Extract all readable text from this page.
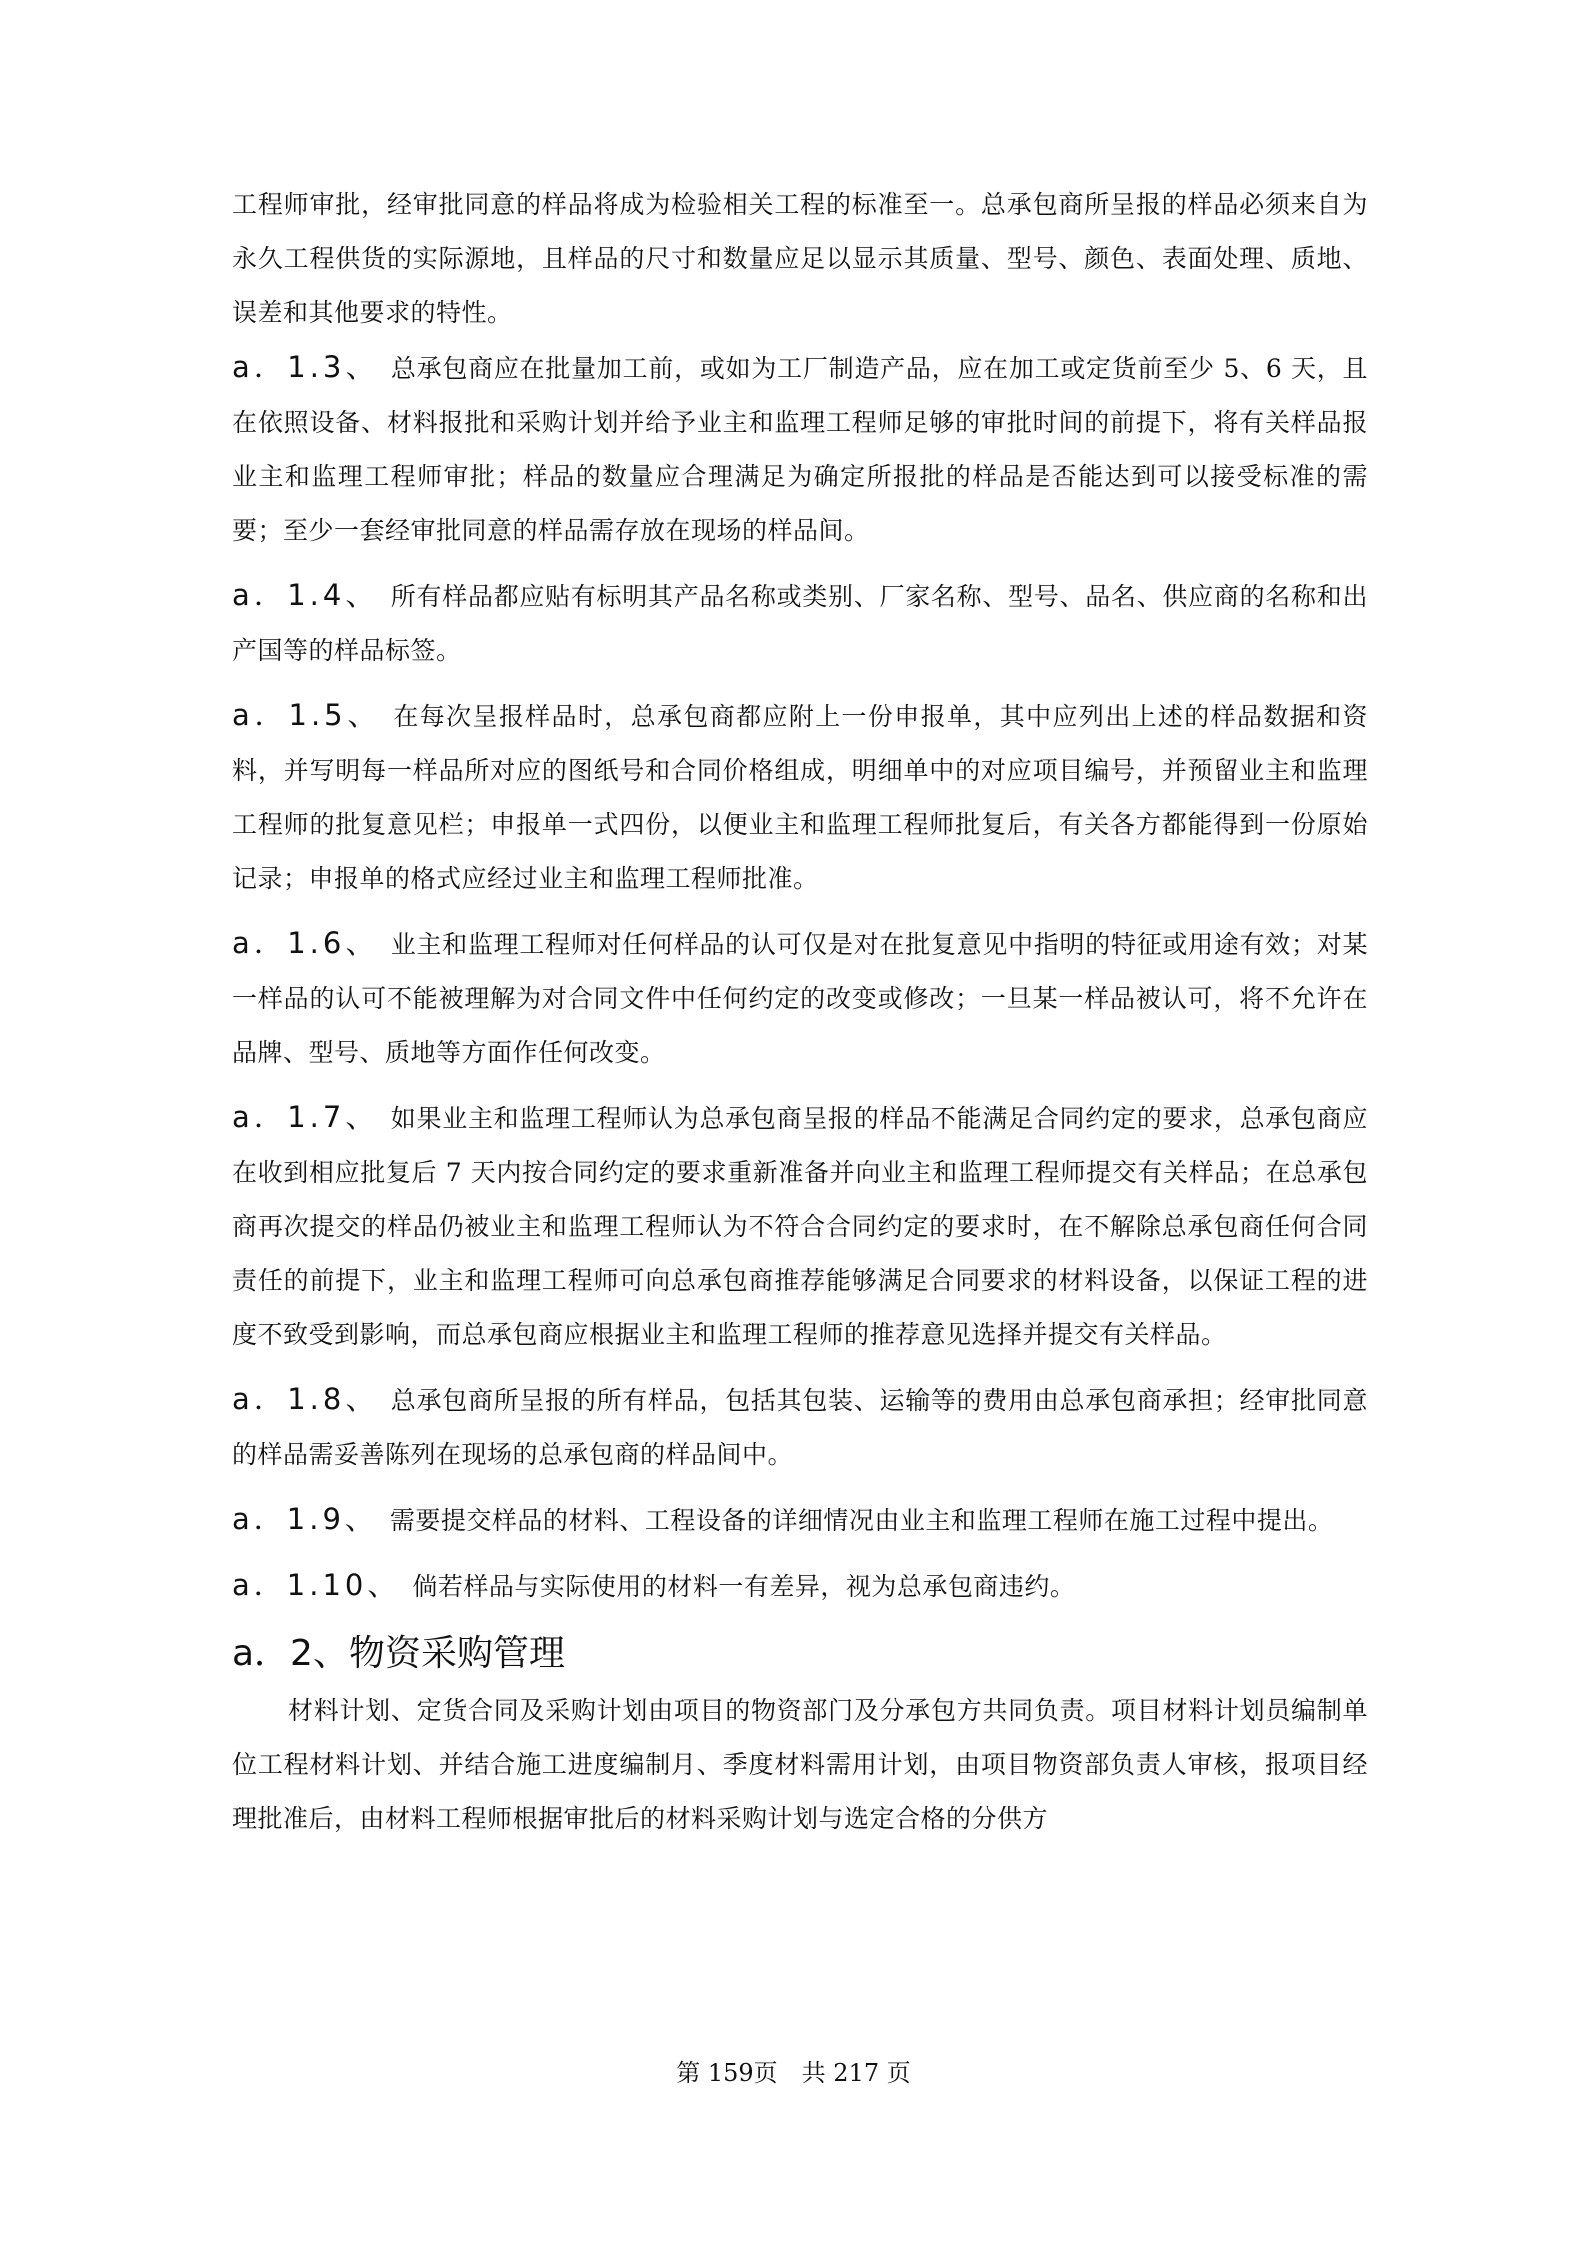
工程师审批，经审批同意的样品将成为检验相关工程的标准至一。总承包商所呈报的样品必须来自为永久工程供货的实际源地，且样品的尺寸和数量应足以显示其质量、型号、颜色、表面处理、质地、误差和其他要求的特性。

a．1.3、 总承包商应在批量加工前，或如为工厂制造产品，应在加工或定货前至少 5、6 天，且在依照设备、材料报批和采购计划并给予业主和监理工程师足够的审批时间的前提下，将有关样品报业主和监理工程师审批；样品的数量应合理满足为确定所报批的样品是否能达到可以接受标准的需要；至少一套经审批同意的样品需存放在现场的样品间。

a．1.4、 所有样品都应贴有标明其产品名称或类别、厂家名称、型号、品名、供应商的名称和出产国等的样品标签。

a．1.5、 在每次呈报样品时，总承包商都应附上一份申报单，其中应列出上述的样品数据和资料，并写明每一样品所对应的图纸号和合同价格组成，明细单中的对应项目编号，并预留业主和监理工程师的批复意见栏；申报单一式四份，以便业主和监理工程师批复后，有关各方都能得到一份原始记录；申报单的格式应经过业主和监理工程师批准。

a．1.6、 业主和监理工程师对任何样品的认可仅是对在批复意见中指明的特征或用途有效；对某一样品的认可不能被理解为对合同文件中任何约定的改变或修改；一旦某一样品被认可，将不允许在品牌、型号、质地等方面作任何改变。

a．1.7、 如果业主和监理工程师认为总承包商呈报的样品不能满足合同约定的要求，总承包商应在收到相应批复后 7 天内按合同约定的要求重新准备并向业主和监理工程师提交有关样品；在总承包商再次提交的样品仍被业主和监理工程师认为不符合合同约定的要求时，在不解除总承包商任何合同责任的前提下，业主和监理工程师可向总承包商推荐能够满足合同要求的材料设备，以保证工程的进度不致受到影响，而总承包商应根据业主和监理工程师的推荐意见选择并提交有关样品。

a．1.8、 总承包商所呈报的所有样品，包括其包装、运输等的费用由总承包商承担；经审批同意的样品需妥善陈列在现场的总承包商的样品间中。

a．1.9、 需要提交样品的材料、工程设备的详细情况由业主和监理工程师在施工过程中提出。

a．1.10、 倘若样品与实际使用的材料一有差异，视为总承包商违约。

a．2、物资采购管理

材料计划、定货合同及采购计划由项目的物资部门及分承包方共同负责。项目材料计划员编制单位工程材料计划、并结合施工进度编制月、季度材料需用计划，由项目物资部负责人审核，报项目经理批准后，由材料工程师根据审批后的材料采购计划与选定合格的分供方

第 159页　共 217 页
